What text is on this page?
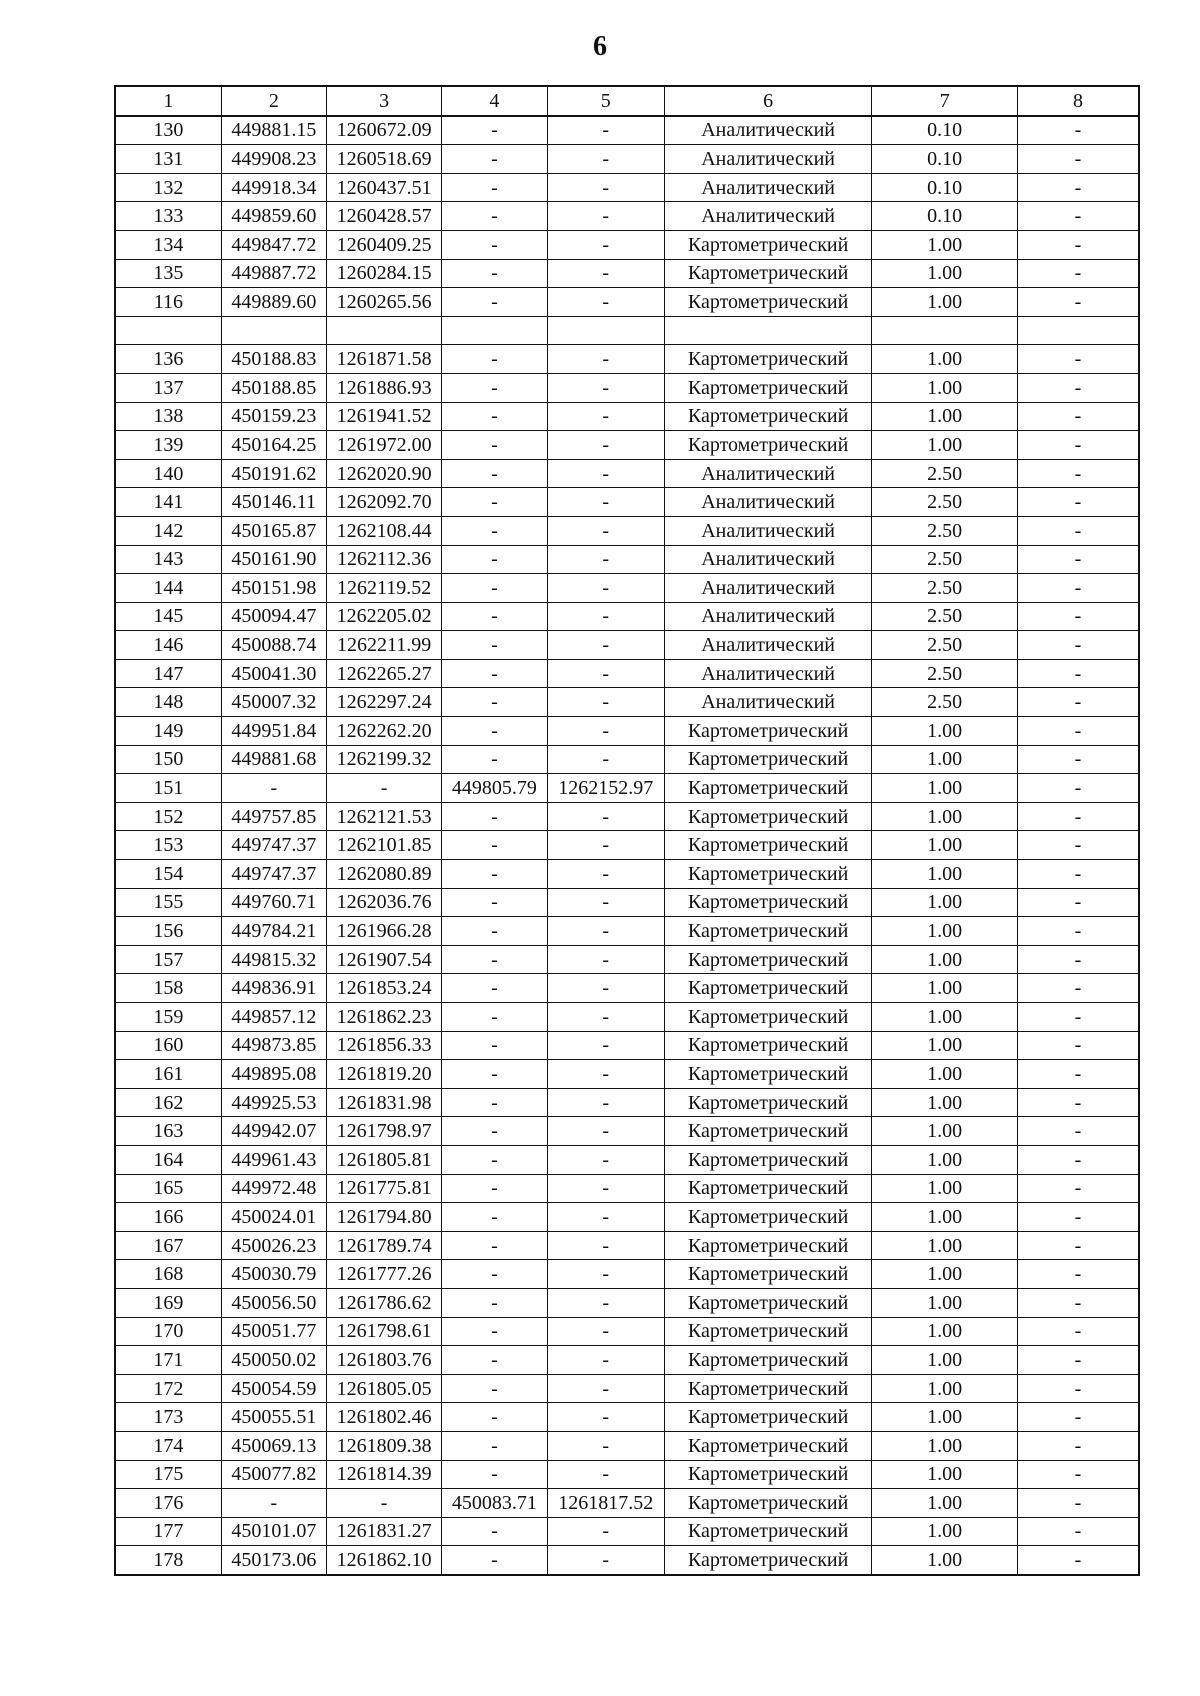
6
1	2	3	4	5	6	7	8
130	449881.15	1260672.09	-	-	Аналитический	0.10	-
131	449908.23	1260518.69	-	-	Аналитический	0.10	-
132	449918.34	1260437.51	-	-	Аналитический	0.10	-
133	449859.60	1260428.57	-	-	Аналитический	0.10	-
134	449847.72	1260409.25	-	-	Картометрический	1.00	-
135	449887.72	1260284.15	-	-	Картометрический	1.00	-
116	449889.60	1260265.56	-	-	Картометрический	1.00	-

136	450188.83	1261871.58	-	-	Картометрический	1.00	-
137	450188.85	1261886.93	-	-	Картометрический	1.00	-
138	450159.23	1261941.52	-	-	Картометрический	1.00	-
139	450164.25	1261972.00	-	-	Картометрический	1.00	-
140	450191.62	1262020.90	-	-	Аналитический	2.50	-
141	450146.11	1262092.70	-	-	Аналитический	2.50	-
142	450165.87	1262108.44	-	-	Аналитический	2.50	-
143	450161.90	1262112.36	-	-	Аналитический	2.50	-
144	450151.98	1262119.52	-	-	Аналитический	2.50	-
145	450094.47	1262205.02	-	-	Аналитический	2.50	-
146	450088.74	1262211.99	-	-	Аналитический	2.50	-
147	450041.30	1262265.27	-	-	Аналитический	2.50	-
148	450007.32	1262297.24	-	-	Аналитический	2.50	-
149	449951.84	1262262.20	-	-	Картометрический	1.00	-
150	449881.68	1262199.32	-	-	Картометрический	1.00	-
151	-	-	449805.79	1262152.97	Картометрический	1.00	-
152	449757.85	1262121.53	-	-	Картометрический	1.00	-
153	449747.37	1262101.85	-	-	Картометрический	1.00	-
154	449747.37	1262080.89	-	-	Картометрический	1.00	-
155	449760.71	1262036.76	-	-	Картометрический	1.00	-
156	449784.21	1261966.28	-	-	Картометрический	1.00	-
157	449815.32	1261907.54	-	-	Картометрический	1.00	-
158	449836.91	1261853.24	-	-	Картометрический	1.00	-
159	449857.12	1261862.23	-	-	Картометрический	1.00	-
160	449873.85	1261856.33	-	-	Картометрический	1.00	-
161	449895.08	1261819.20	-	-	Картометрический	1.00	-
162	449925.53	1261831.98	-	-	Картометрический	1.00	-
163	449942.07	1261798.97	-	-	Картометрический	1.00	-
164	449961.43	1261805.81	-	-	Картометрический	1.00	-
165	449972.48	1261775.81	-	-	Картометрический	1.00	-
166	450024.01	1261794.80	-	-	Картометрический	1.00	-
167	450026.23	1261789.74	-	-	Картометрический	1.00	-
168	450030.79	1261777.26	-	-	Картометрический	1.00	-
169	450056.50	1261786.62	-	-	Картометрический	1.00	-
170	450051.77	1261798.61	-	-	Картометрический	1.00	-
171	450050.02	1261803.76	-	-	Картометрический	1.00	-
172	450054.59	1261805.05	-	-	Картометрический	1.00	-
173	450055.51	1261802.46	-	-	Картометрический	1.00	-
174	450069.13	1261809.38	-	-	Картометрический	1.00	-
175	450077.82	1261814.39	-	-	Картометрический	1.00	-
176	-	-	450083.71	1261817.52	Картометрический	1.00	-
177	450101.07	1261831.27	-	-	Картометрический	1.00	-
178	450173.06	1261862.10	-	-	Картометрический	1.00	-
